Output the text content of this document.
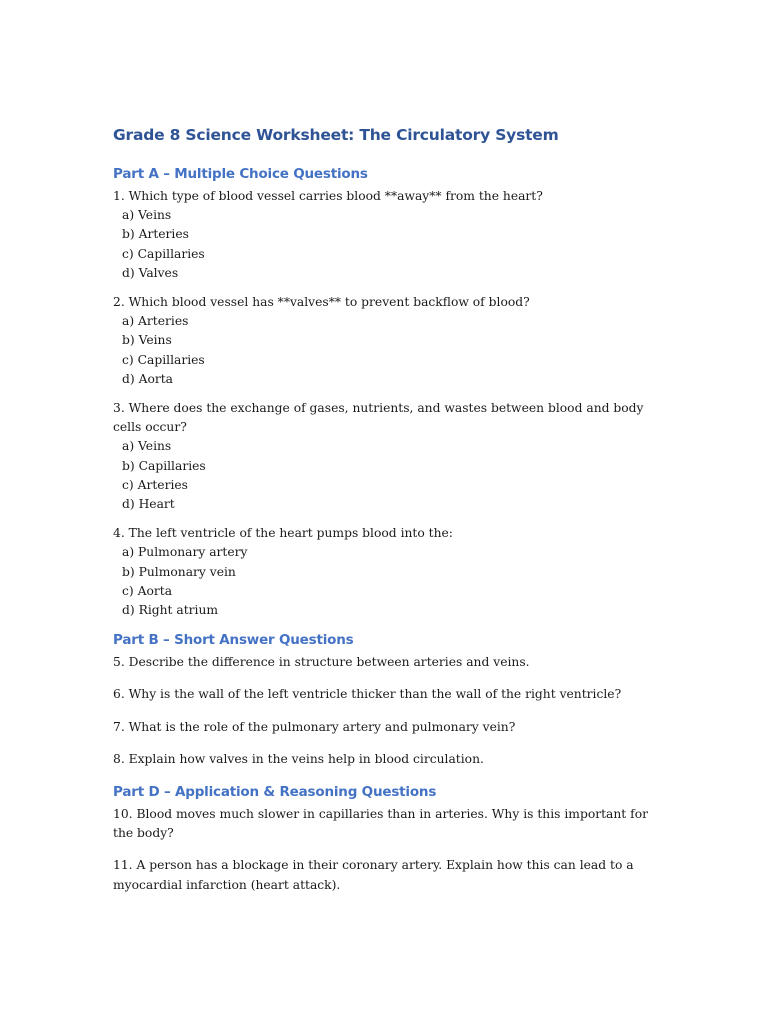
Grade 8 Science Worksheet: The Circulatory System
Part A – Multiple Choice Questions

1. Which type of blood vessel carries blood **away** from the heart?

a) Veins
b) Arteries
c) Capillaries
d) Valves

2. Which blood vessel has **valves** to prevent backflow of blood?

a) Arteries
b) Veins
c) Capillaries
d) Aorta

3. Where does the exchange of gases, nutrients, and wastes between blood and body cells occur?

a) Veins
b) Capillaries
c) Arteries
d) Heart

4. The left ventricle of the heart pumps blood into the:

a) Pulmonary artery
b) Pulmonary vein
c) Aorta
d) Right atrium
Part B – Short Answer Questions

5. Describe the difference in structure between arteries and veins.

6. Why is the wall of the left ventricle thicker than the wall of the right ventricle?

7. What is the role of the pulmonary artery and pulmonary vein?

8. Explain how valves in the veins help in blood circulation.

Part D – Application & Reasoning Questions

10. Blood moves much slower in capillaries than in arteries. Why is this important for the body?

11. A person has a blockage in their coronary artery. Explain how this can lead to a myocardial infarction (heart attack).
